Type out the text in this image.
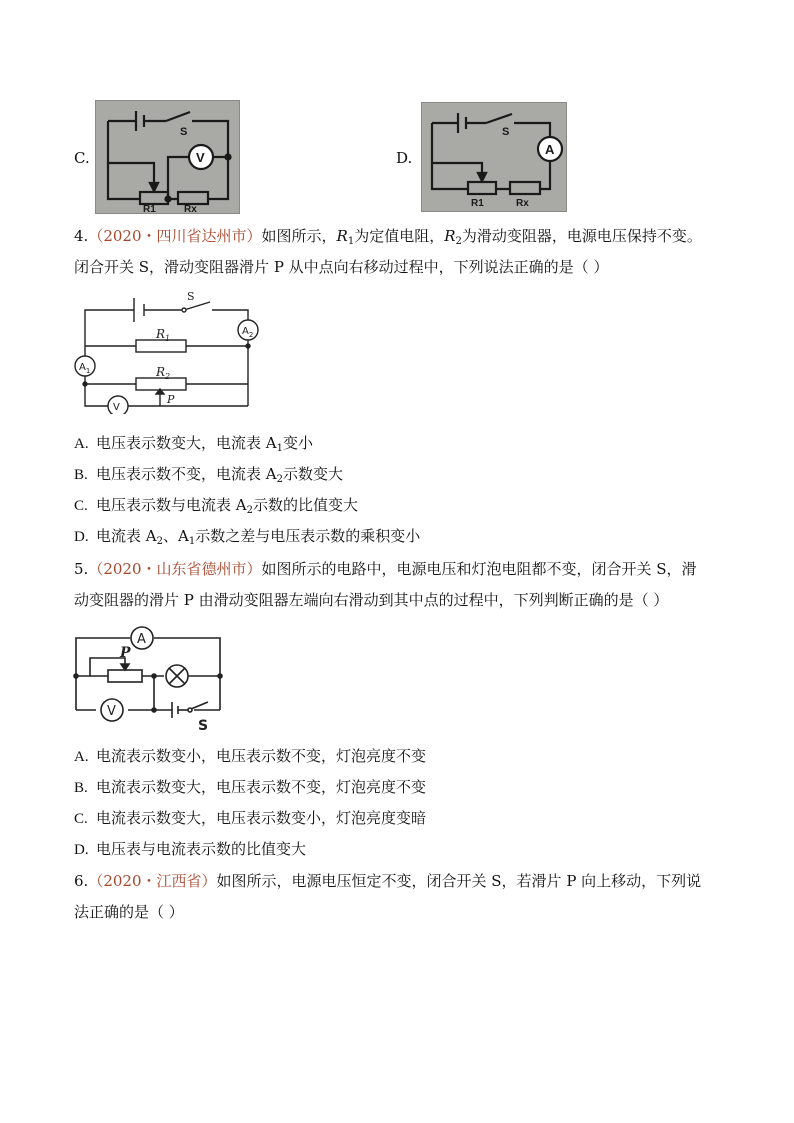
C.
S
V
R1	Rx
D.
S
A
R1	Rx
4.（2020・四川省达州市）如图所示，$R_1$为定值电阻，$R_2$为滑动变阻器，电源电压保持不变。
闭合开关 S，滑动变阻器滑片 P 从中点向右移动过程中，下列说法正确的是（ ）
S
$R_1$
$R_2$
$A_2$
$A_1$
V
P
A. 电压表示数变大，电流表 $A_1$变小
B. 电压表示数不变，电流表 $A_2$示数变大
C. 电压表示数与电流表 $A_2$示数的比值变大
D. 电流表 $A_2$、$A_1$示数之差与电压表示数的乘积变小
5.（2020・山东省德州市）如图所示的电路中，电源电压和灯泡电阻都不变，闭合开关 S，滑
动变阻器的滑片 P 由滑动变阻器左端向右滑动到其中点的过程中，下列判断正确的是（ ）
A
V
P
S
A. 电流表示数变小，电压表示数不变，灯泡亮度不变
B. 电流表示数变大，电压表示数不变，灯泡亮度不变
C. 电流表示数变大，电压表示数变小，灯泡亮度变暗
D. 电压表与电流表示数的比值变大
6.（2020・江西省）如图所示，电源电压恒定不变，闭合开关 S，若滑片 P 向上移动，下列说
法正确的是（ ）
